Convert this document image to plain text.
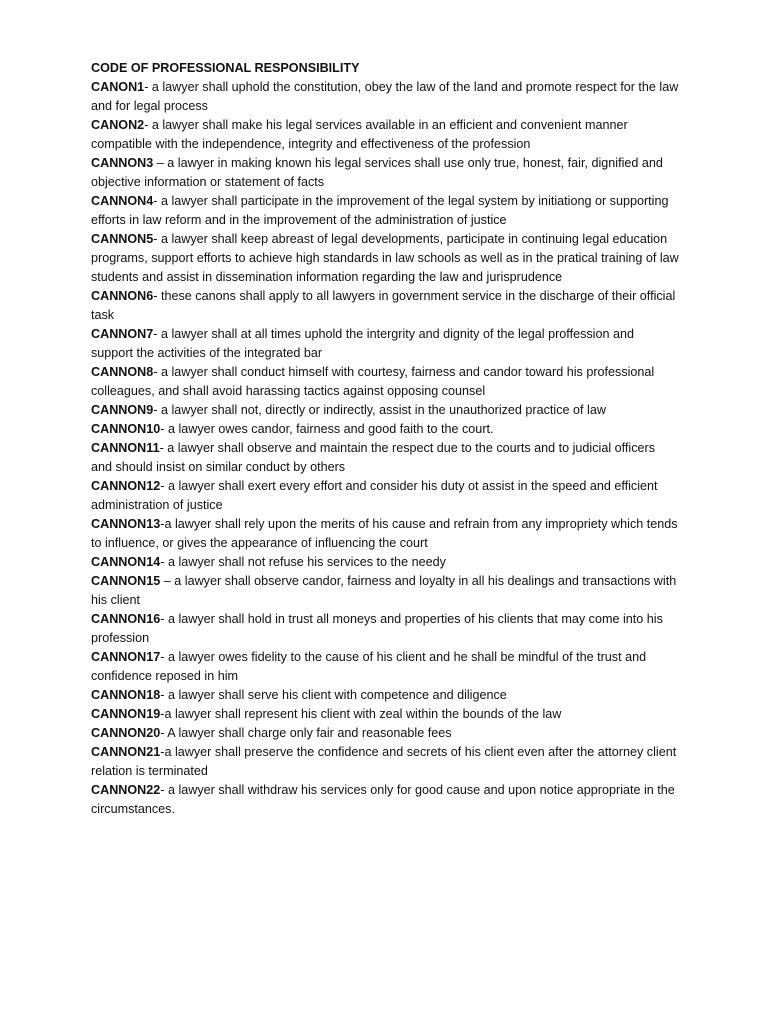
CODE OF PROFESSIONAL RESPONSIBILITY

CANON1- a lawyer shall uphold the constitution, obey the law of the land and promote respect for the law and for legal process

CANON2- a lawyer shall make his legal services available in an efficient and convenient manner compatible with the independence, integrity and effectiveness of the profession

CANNON3 – a lawyer in making known his legal services shall use only true, honest, fair, dignified and objective information or statement of facts

CANNON4- a lawyer shall participate in the improvement of the legal system by initiationg or supporting efforts in law reform and in the improvement of the administration of justice

CANNON5- a lawyer shall keep abreast of legal developments, participate in continuing legal education programs, support efforts to achieve high standards in law schools as well as in the pratical training of law students and assist in dissemination information regarding the law and jurisprudence

CANNON6- these canons shall apply to all lawyers in government service in the discharge of their official task

CANNON7- a lawyer shall at all times uphold the intergrity and dignity of the legal proffession and support the activities of the integrated bar

CANNON8- a lawyer shall conduct himself with courtesy, fairness and candor toward his professional colleagues, and shall avoid harassing tactics against opposing counsel

CANNON9- a lawyer shall not, directly or indirectly, assist in the unauthorized practice of law

CANNON10- a lawyer owes candor, fairness and good faith to the court.

CANNON11- a lawyer shall observe and maintain the respect due to the courts and to judicial officers and should insist on similar conduct by others

CANNON12- a lawyer shall exert every effort and consider his duty ot assist in the speed and efficient administration of justice

CANNON13-a lawyer shall rely upon the merits of his cause and refrain from any impropriety which tends to influence, or gives the appearance of influencing the court

CANNON14- a lawyer shall not refuse his services to the needy

CANNON15 – a lawyer shall observe candor, fairness and loyalty in all his dealings and transactions with his client

CANNON16- a lawyer shall hold in trust all moneys and properties of his clients that may come into his profession

CANNON17- a lawyer owes fidelity to the cause of his client and he shall be mindful of the trust and confidence reposed in him

CANNON18- a lawyer shall serve his client with competence and diligence

CANNON19-a lawyer shall represent his client with zeal within the bounds of the law

CANNON20- A lawyer shall charge only fair and reasonable fees

CANNON21-a lawyer shall preserve the confidence and secrets of his client even after the attorney client relation is terminated

CANNON22- a lawyer shall withdraw his services only for good cause and upon notice appropriate in the circumstances.
